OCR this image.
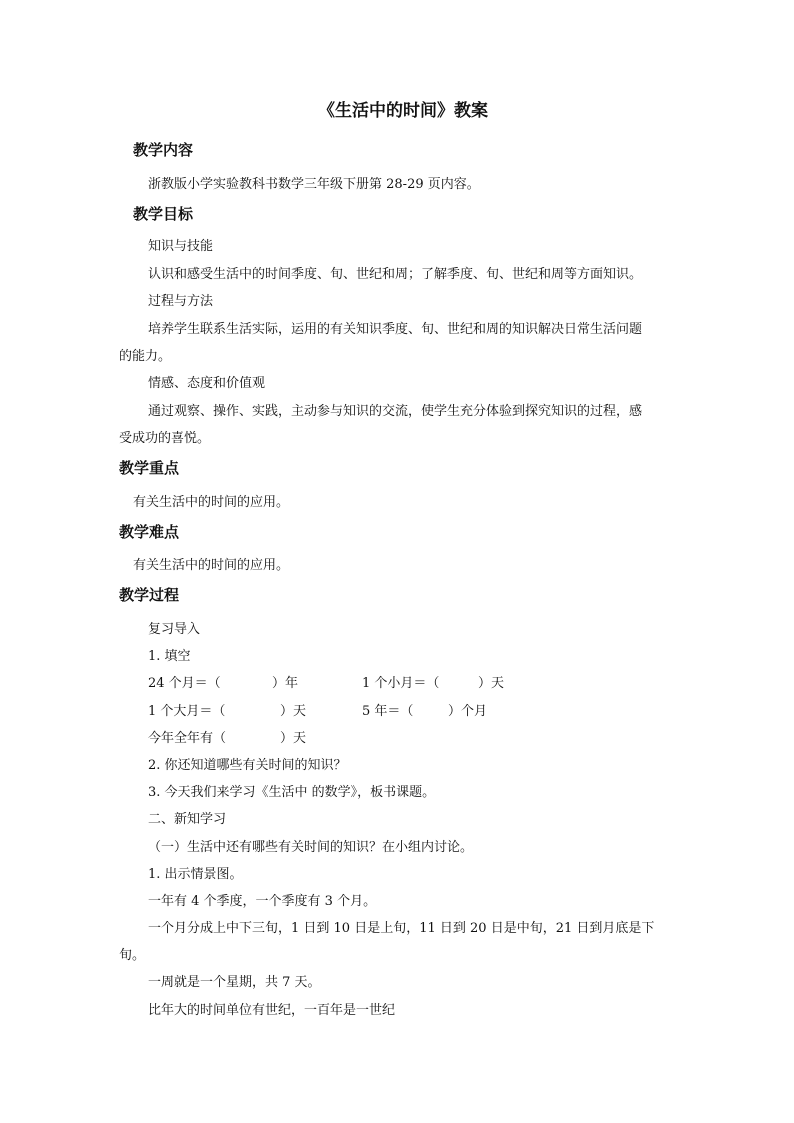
《生活中的时间》教案
教学内容
浙教版小学实验教科书数学三年级下册第 28-29 页内容。
教学目标
知识与技能
认识和感受生活中的时间季度、旬、世纪和周；了解季度、旬、世纪和周等方面知识。
过程与方法
培养学生联系生活实际，运用的有关知识季度、旬、世纪和周的知识解决日常生活问题
的能力。
情感、态度和价值观
通过观察、操作、实践，主动参与知识的交流，使学生充分体验到探究知识的过程，感
受成功的喜悦。
教学重点
有关生活中的时间的应用。
教学难点
有关生活中的时间的应用。
教学过程
复习导入
1. 填空
24 个月＝（	）年	1 个小月＝（	）天
1 个大月＝（	）天	5 年＝（	）个月
今年全年有（	）天
2. 你还知道哪些有关时间的知识？
3. 今天我们来学习《生活中 的数学》，板书课题。
二、新知学习
（一）生活中还有哪些有关时间的知识？在小组内讨论。
1. 出示情景图。
一年有 4 个季度，一个季度有 3 个月。
一个月分成上中下三旬，1 日到 10 日是上旬，11 日到 20 日是中旬，21 日到月底是下
旬。
一周就是一个星期，共 7 天。
比年大的时间单位有世纪，一百年是一世纪
